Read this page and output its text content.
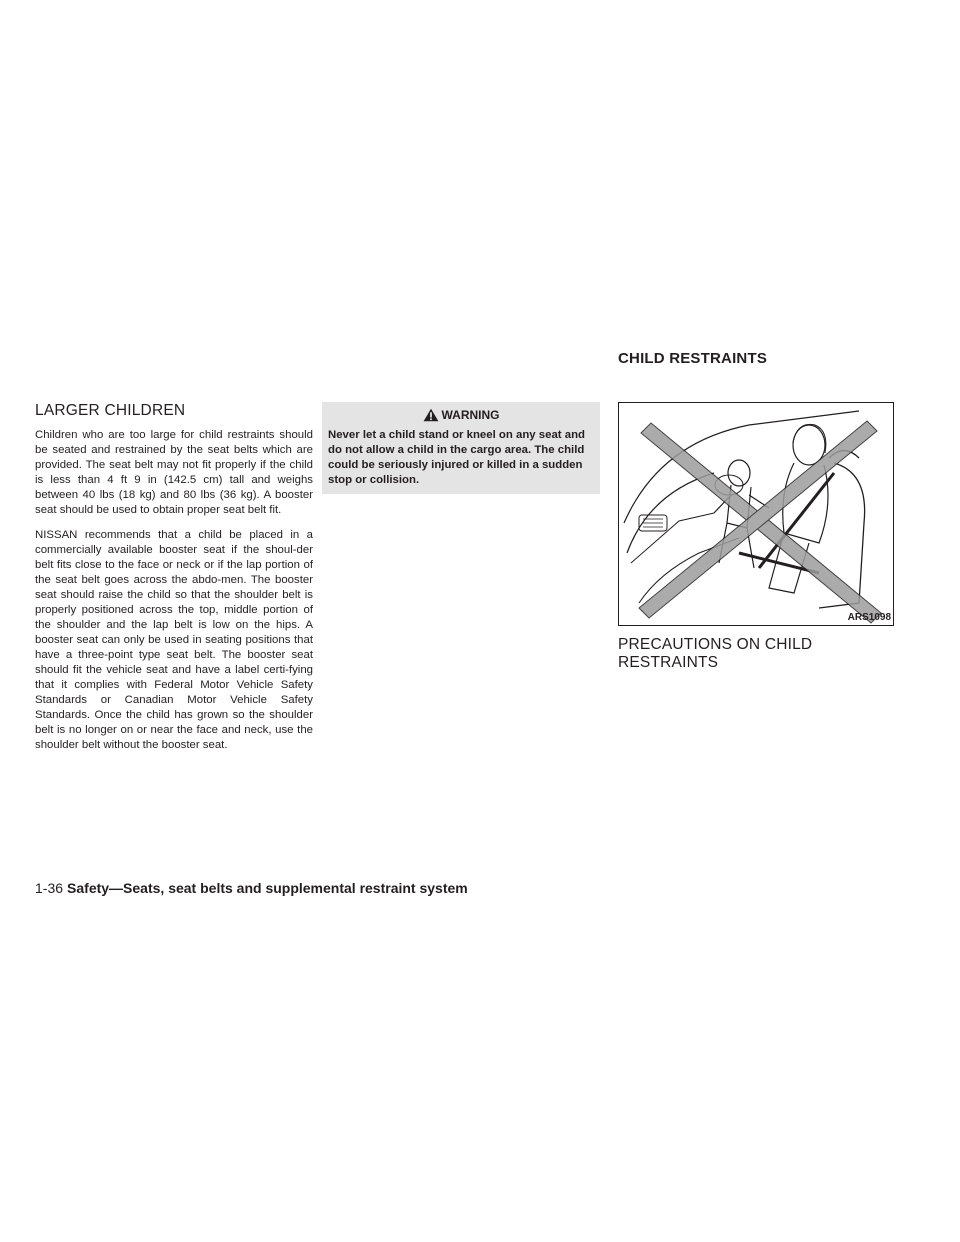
CHILD RESTRAINTS
LARGER CHILDREN

Children who are too large for child restraints should be seated and restrained by the seat belts which are provided. The seat belt may not fit properly if the child is less than 4 ft 9 in (142.5 cm) tall and weighs between 40 lbs (18 kg) and 80 lbs (36 kg). A booster seat should be used to obtain proper seat belt fit.

NISSAN recommends that a child be placed in a commercially available booster seat if the shoul-der belt fits close to the face or neck or if the lap portion of the seat belt goes across the abdo-men. The booster seat should raise the child so that the shoulder belt is properly positioned across the top, middle portion of the shoulder and the lap belt is low on the hips. A booster seat can only be used in seating positions that have a three-point type seat belt. The booster seat should fit the vehicle seat and have a label certi-fying that it complies with Federal Motor Vehicle Safety Standards or Canadian Motor Vehicle Safety Standards. Once the child has grown so the shoulder belt is no longer on or near the face and neck, use the shoulder belt without the booster seat.

WARNING

Never let a child stand or kneel on any seat and do not allow a child in the cargo area. The child could be seriously injured or killed in a sudden stop or collision.

ARS1098
PRECAUTIONS ON CHILD RESTRAINTS
1-36 Safety—Seats, seat belts and supplemental restraint system
